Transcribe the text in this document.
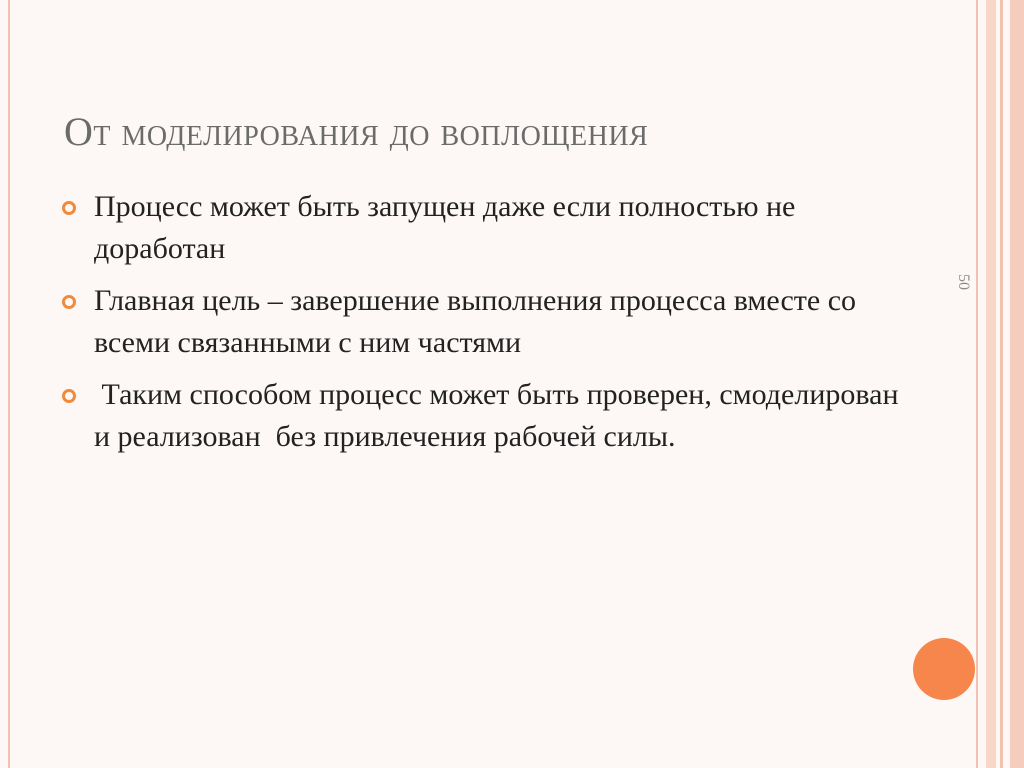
От моделирования до воплощения
Процесс может быть запущен даже если полностью не доработан
Главная цель – завершение выполнения процесса вместе со всеми связанными с ним частями
Таким способом процесс может быть проверен, смоделирован и реализован  без привлечения рабочей силы.
50
